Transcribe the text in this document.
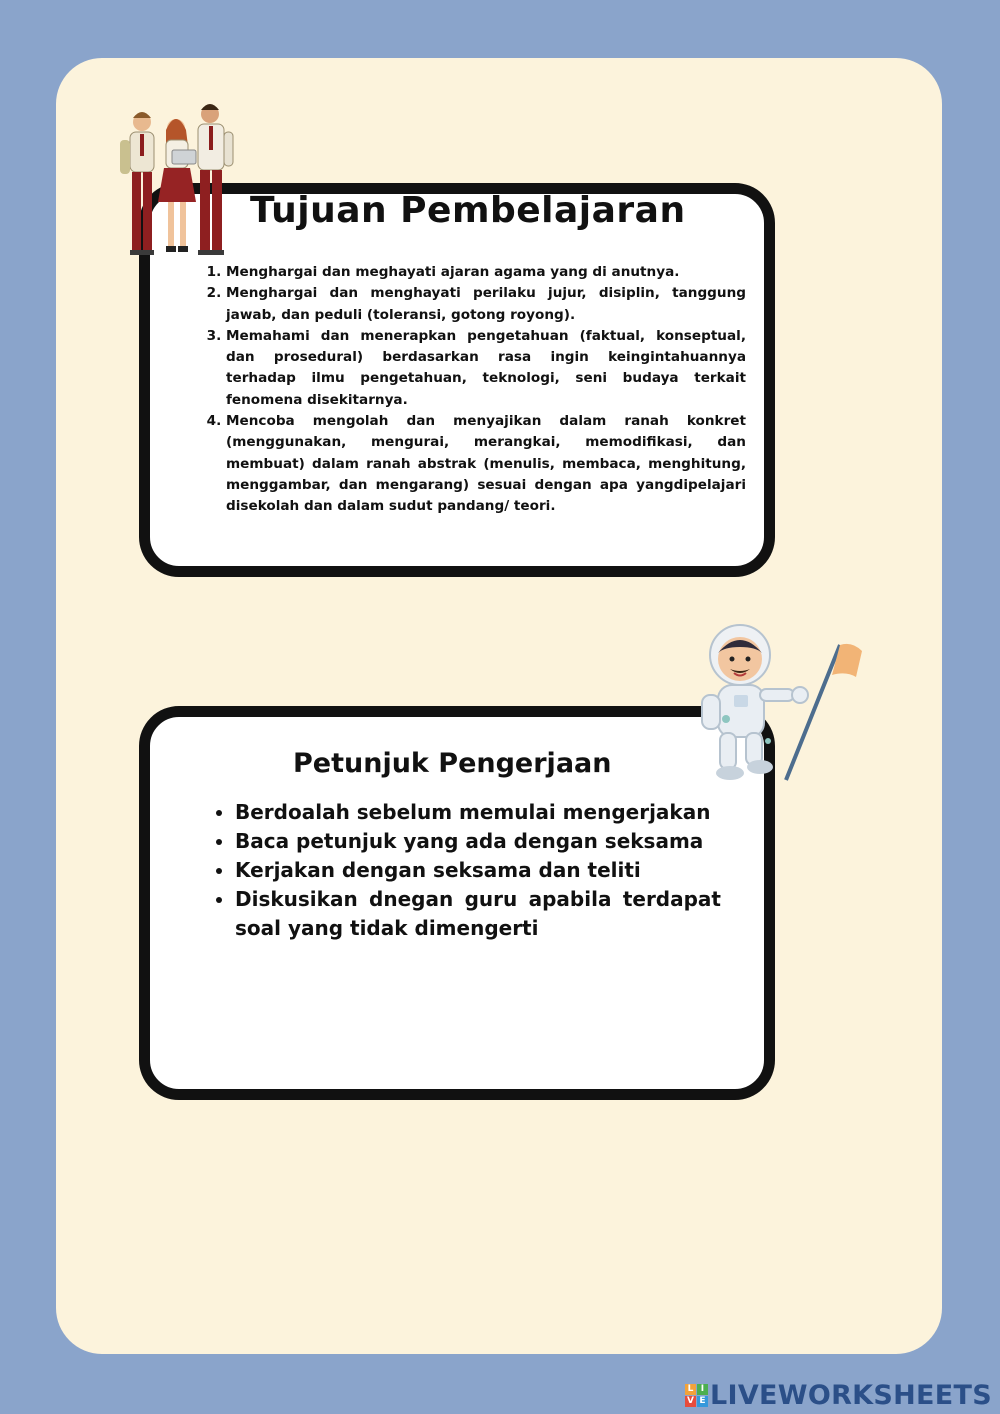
Tujuan Pembelajaran
1. Menghargai dan meghayati ajaran agama yang di anutnya.
2. Menghargai dan menghayati perilaku jujur, disiplin, tanggung jawab, dan peduli (toleransi, gotong royong).
3. Memahami dan menerapkan pengetahuan (faktual, konseptual, dan prosedural) berdasarkan rasa ingin keingintahuannya terhadap ilmu pengetahuan, teknologi, seni budaya terkait fenomena disekitarnya.
4. Mencoba mengolah dan menyajikan dalam ranah konkret (menggunakan, mengurai, merangkai, memodifikasi, dan membuat) dalam ranah abstrak (menulis, membaca, menghitung, menggambar, dan mengarang) sesuai dengan apa yangdipelajari disekolah dan dalam sudut pandang/ teori.
Petunjuk Pengerjaan
• Berdoalah sebelum memulai mengerjakan
• Baca petunjuk yang ada dengan seksama
• Kerjakan dengan seksama dan teliti
• Diskusikan dnegan guru apabila terdapat soal yang tidak dimengerti
L I
V E LIVEWORKSHEETS
